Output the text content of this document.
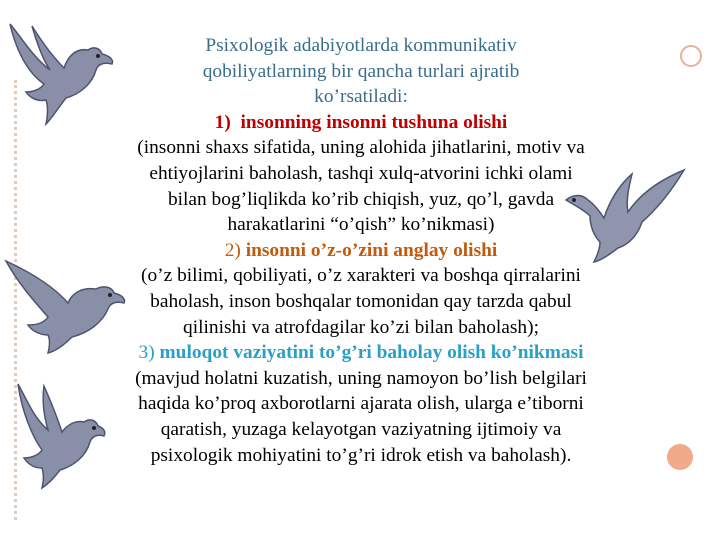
Psixologik adabiyotlarda kommunikativ
qobiliyatlarning bir qancha turlari ajratib
ko’rsatiladi:
1) insonning insonni tushuna olishi
(insonni shaxs sifatida, uning alohida jihatlarini, motiv va
ehtiyojlarini baholash, tashqi xulq-atvorini ichki olami
bilan bog’liqlikda ko’rib chiqish, yuz, qo’l, gavda
harakatlarini “o’qish” ko’nikmasi)
2) insonni o’z-o’zini anglay olishi
(o’z bilimi, qobiliyati, o’z xarakteri va boshqa qirralarini
baholash, inson boshqalar tomonidan qay tarzda qabul
qilinishi va atrofdagilar ko’zi bilan baholash);
3) muloqot vaziyatini to’g’ri baholay olish ko’nikmasi
(mavjud holatni kuzatish, uning namoyon bo’lish belgilari
haqida ko’proq axborotlarni ajarata olish, ularga e’tiborni
qaratish, yuzaga kelayotgan vaziyatning ijtimoiy va
psixologik mohiyatini to’g’ri idrok etish va baholash).
